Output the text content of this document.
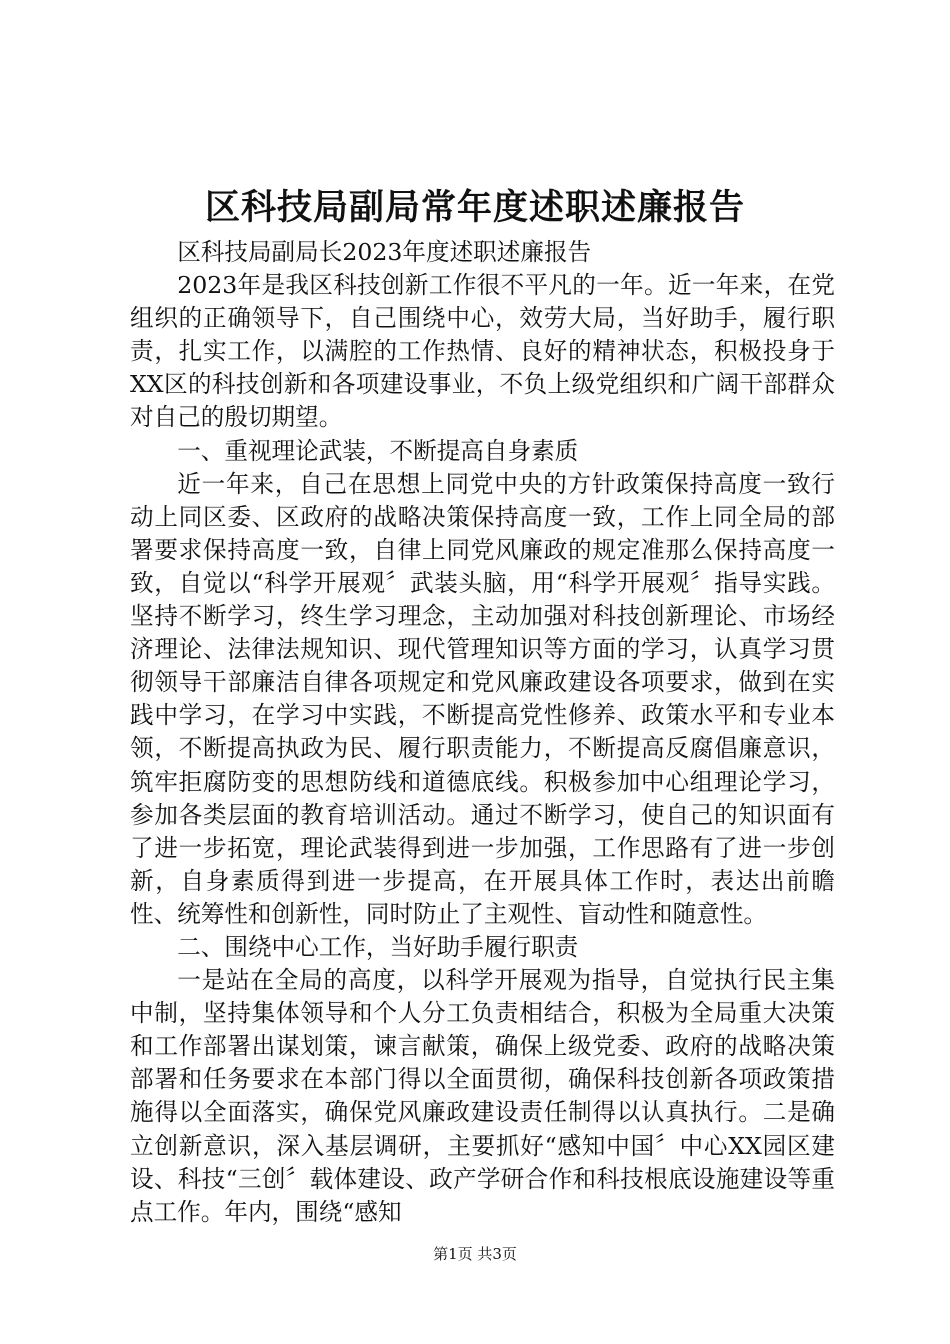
区科技局副局常年度述职述廉报告

区科技局副局长2023年度述职述廉报告

2023年是我区科技创新工作很不平凡的一年。近一年来，在党组织的正确领导下，自己围绕中心，效劳大局，当好助手，履行职责，扎实工作，以满腔的工作热情、良好的精神状态，积极投身于XX区的科技创新和各项建设事业，不负上级党组织和广阔干部群众对自己的殷切期望。

一、重视理论武装，不断提高自身素质

近一年来，自己在思想上同党中央的方针政策保持高度一致行动上同区委、区政府的战略决策保持高度一致，工作上同全局的部署要求保持高度一致，自律上同党风廉政的规定准那么保持高度一致，自觉以“科学开展观〞武装头脑，用“科学开展观〞指导实践。坚持不断学习，终生学习理念，主动加强对科技创新理论、市场经济理论、法律法规知识、现代管理知识等方面的学习，认真学习贯彻领导干部廉洁自律各项规定和党风廉政建设各项要求，做到在实践中学习，在学习中实践，不断提高党性修养、政策水平和专业本领，不断提高执政为民、履行职责能力，不断提高反腐倡廉意识，筑牢拒腐防变的思想防线和道德底线。积极参加中心组理论学习，参加各类层面的教育培训活动。通过不断学习，使自己的知识面有了进一步拓宽，理论武装得到进一步加强，工作思路有了进一步创新，自身素质得到进一步提高，在开展具体工作时，表达出前瞻性、统筹性和创新性，同时防止了主观性、盲动性和随意性。

二、围绕中心工作，当好助手履行职责

一是站在全局的高度，以科学开展观为指导，自觉执行民主集中制，坚持集体领导和个人分工负责相结合，积极为全局重大决策和工作部署出谋划策，谏言献策，确保上级党委、政府的战略决策部署和任务要求在本部门得以全面贯彻，确保科技创新各项政策措施得以全面落实，确保党风廉政建设责任制得以认真执行。二是确立创新意识，深入基层调研，主要抓好“感知中国〞中心XX园区建设、科技“三创〞载体建设、政产学研合作和科技根底设施建设等重点工作。年内，围绕“感知

第1页 共3页
